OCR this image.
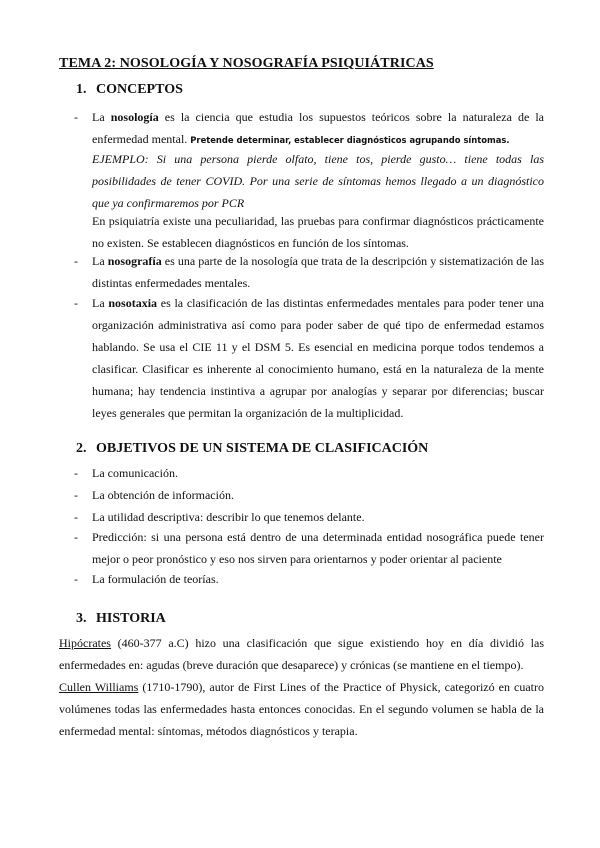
TEMA 2: NOSOLOGÍA Y NOSOGRAFÍA PSIQUIÁTRICAS
1. CONCEPTOS
-	La nosología es la ciencia que estudia los supuestos teóricos sobre la naturaleza de la enfermedad mental. Pretende determinar, establecer diagnósticos agrupando síntomas.
EJEMPLO: Si una persona pierde olfato, tiene tos, pierde gusto… tiene todas las posibilidades de tener COVID. Por una serie de síntomas hemos llegado a un diagnóstico que ya confirmaremos por PCR
En psiquiatría existe una peculiaridad, las pruebas para confirmar diagnósticos prácticamente no existen. Se establecen diagnósticos en función de los síntomas.
-	La nosografía es una parte de la nosología que trata de la descripción y sistematización de las distintas enfermedades mentales.
-	La nosotaxia es la clasificación de las distintas enfermedades mentales para poder tener una organización administrativa así como para poder saber de qué tipo de enfermedad estamos hablando. Se usa el CIE 11 y el DSM 5. Es esencial en medicina porque todos tendemos a clasificar. Clasificar es inherente al conocimiento humano, está en la naturaleza de la mente humana; hay tendencia instintiva a agrupar por analogías y separar por diferencias; buscar leyes generales que permitan la organización de la multiplicidad.
2. OBJETIVOS DE UN SISTEMA DE CLASIFICACIÓN
-	La comunicación.
-	La obtención de información.
-	La utilidad descriptiva: describir lo que tenemos delante.
-	Predicción: si una persona está dentro de una determinada entidad nosográfica puede tener mejor o peor pronóstico y eso nos sirven para orientarnos y poder orientar al paciente
-	La formulación de teorías.
3. HISTORIA
Hipócrates (460-377 a.C) hizo una clasificación que sigue existiendo hoy en día dividió las enfermedades en: agudas (breve duración que desaparece) y crónicas (se mantiene en el tiempo).
Cullen Williams (1710-1790), autor de First Lines of the Practice of Physick, categorizó en cuatro volúmenes todas las enfermedades hasta entonces conocidas. En el segundo volumen se habla de la enfermedad mental: síntomas, métodos diagnósticos y terapia.
